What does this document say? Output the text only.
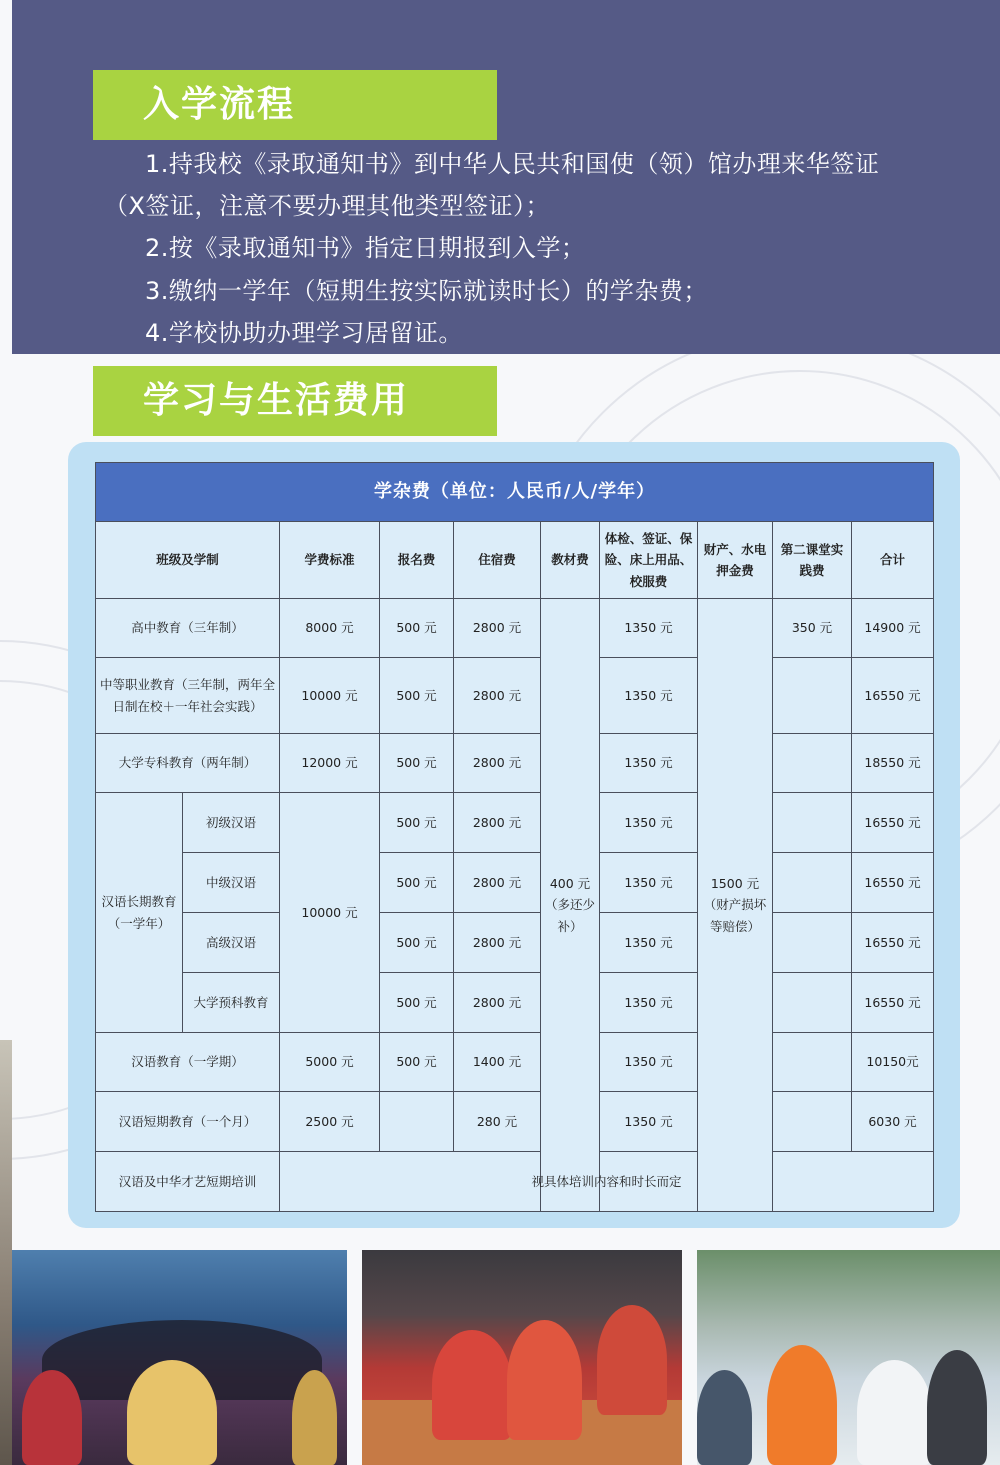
入学流程
1.持我校《录取通知书》到中华人民共和国使（领）馆办理来华签证
（X签证，注意不要办理其他类型签证）；
2.按《录取通知书》指定日期报到入学；
3.缴纳一学年（短期生按实际就读时长）的学杂费；
4.学校协助办理学习居留证。
学习与生活费用
学杂费（单位：人民币/人/学年）									
班级及学制		学费标准	报名费	住宿费	教材费	体检、签证、保险、床上用品、校服费	财产、水电押金费	第二课堂实践费	合计
高中教育（三年制）		8000 元	500 元	2800 元	400 元（多还少补）	1350 元	1500 元（财产损坏等赔偿）	350 元	14900 元
中等职业教育（三年制，两年全日制在校＋一年社会实践）		10000 元	500 元	2800 元		1350 元			16550 元
大学专科教育（两年制）		12000 元	500 元	2800 元		1350 元			18550 元
汉语长期教育（一学年）	初级汉语	10000 元	500 元	2800 元		1350 元			16550 元
	中级汉语		500 元	2800 元		1350 元			16550 元
	高级汉语		500 元	2800 元		1350 元			16550 元
	大学预科教育		500 元	2800 元		1350 元			16550 元
汉语教育（一学期）		5000 元	500 元	1400 元		1350 元			10150元
汉语短期教育（一个月）		2500 元		280 元		1350 元			6030 元
汉语及中华才艺短期培训		视具体培训内容和时长而定							
